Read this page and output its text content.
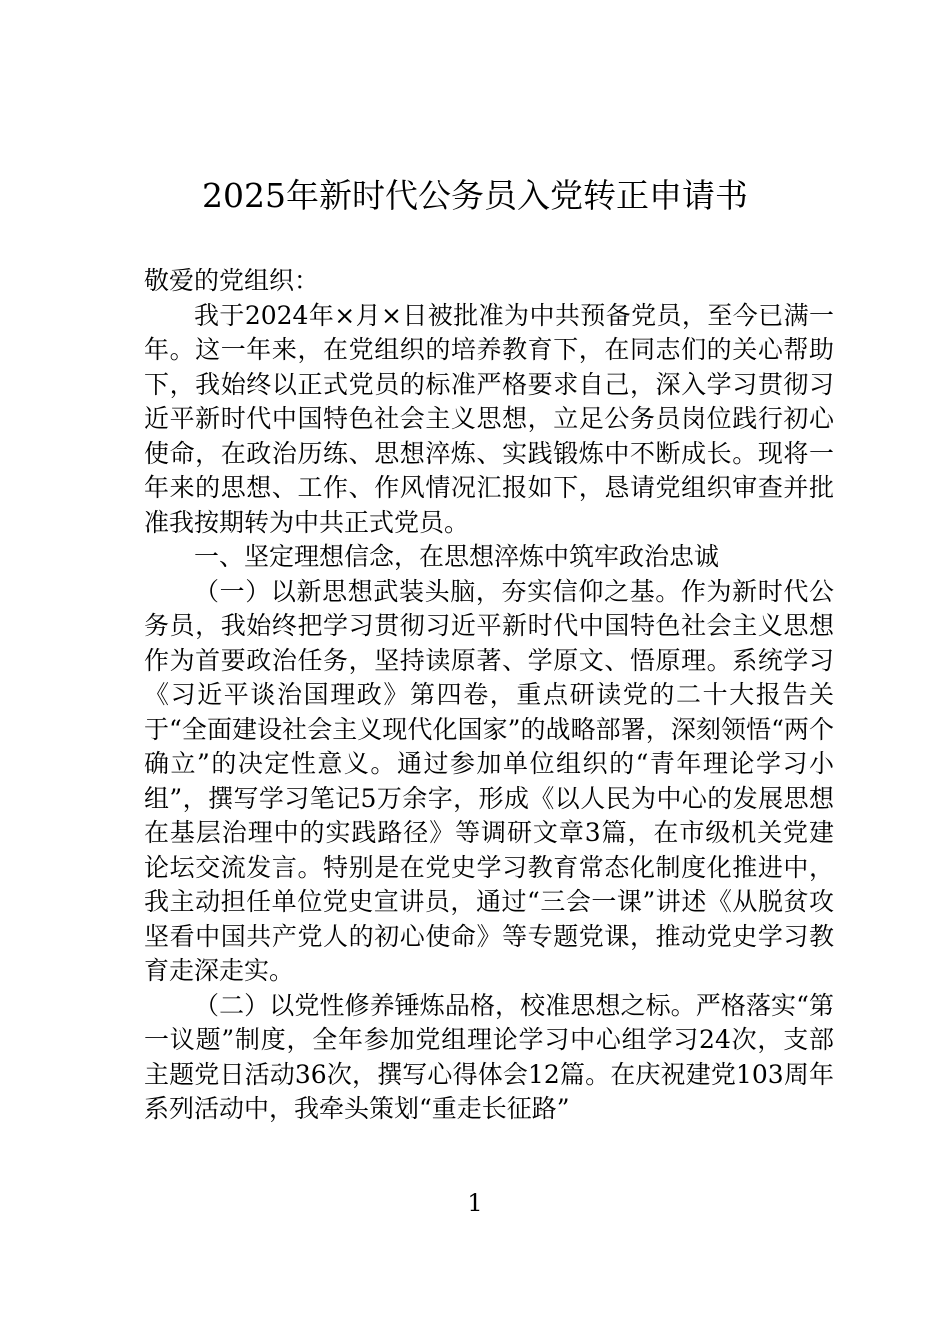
2025年新时代公务员入党转正申请书

敬爱的党组织：

我于2024年×月×日被批准为中共预备党员，至今已满一年。这一年来，在党组织的培养教育下，在同志们的关心帮助下，我始终以正式党员的标准严格要求自己，深入学习贯彻习近平新时代中国特色社会主义思想，立足公务员岗位践行初心使命，在政治历练、思想淬炼、实践锻炼中不断成长。现将一年来的思想、工作、作风情况汇报如下，恳请党组织审查并批准我按期转为中共正式党员。

一、坚定理想信念，在思想淬炼中筑牢政治忠诚

（一）以新思想武装头脑，夯实信仰之基。作为新时代公务员，我始终把学习贯彻习近平新时代中国特色社会主义思想作为首要政治任务，坚持读原著、学原文、悟原理。系统学习《习近平谈治国理政》第四卷，重点研读党的二十大报告关于“全面建设社会主义现代化国家”的战略部署，深刻领悟“两个确立”的决定性意义。通过参加单位组织的“青年理论学习小组”，撰写学习笔记5万余字，形成《以人民为中心的发展思想在基层治理中的实践路径》等调研文章3篇，在市级机关党建论坛交流发言。特别是在党史学习教育常态化制度化推进中，我主动担任单位党史宣讲员，通过“三会一课”讲述《从脱贫攻坚看中国共产党人的初心使命》等专题党课，推动党史学习教育走深走实。

（二）以党性修养锤炼品格，校准思想之标。严格落实“第一议题”制度，全年参加党组理论学习中心组学习24次，支部主题党日活动36次，撰写心得体会12篇。在庆祝建党103周年系列活动中，我牵头策划“重走长征路”

1
